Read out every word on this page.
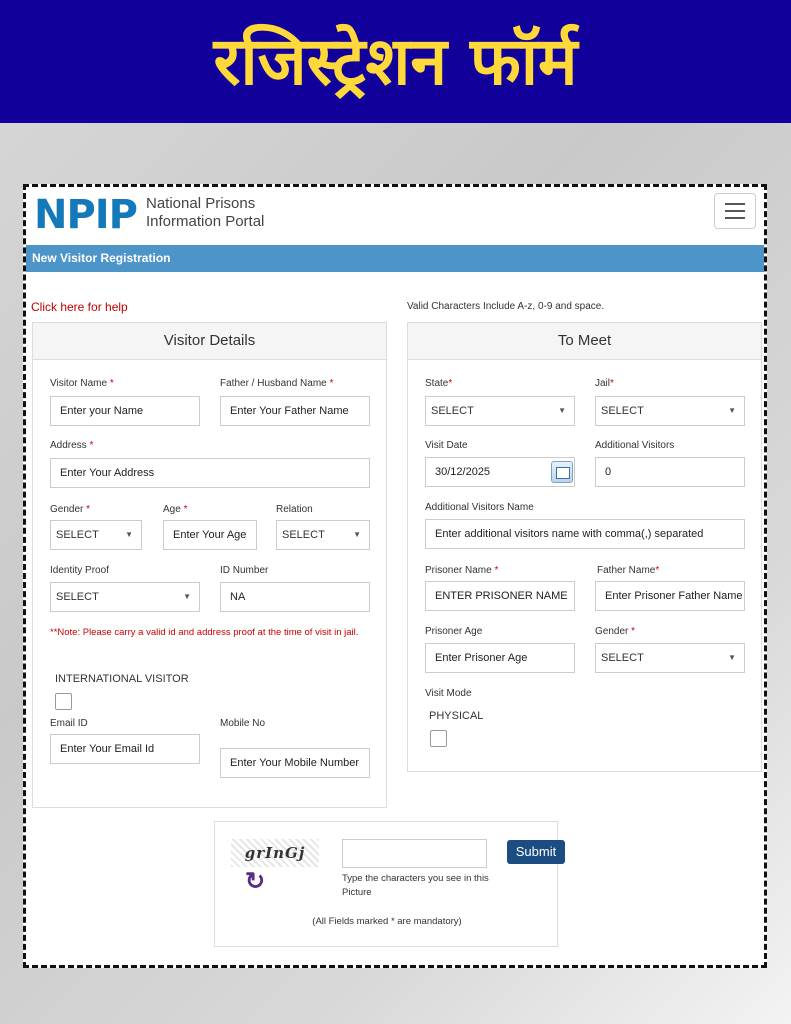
रजिस्ट्रेशन फॉर्म
NPIP National Prisons
Information Portal
New Visitor Registration
Click here for help	Valid Characters Include A-z, 0-9 and space.
Visitor Details
Visitor Name *
Enter your Name
Father / Husband Name *
Enter Your Father Name
Address *
Enter Your Address
Gender *
SELECT	▼
Age *
Enter Your Age
Relation
SELECT	▼
Identity Proof
SELECT	▼
ID Number
NA
**Note: Please carry a valid id and address proof at the time of visit in jail.
INTERNATIONAL VISITOR
Email ID
Enter Your Email Id
Mobile No
Enter Your Mobile Number
To Meet
State*
SELECT	▼
Jail*
SELECT	▼
Visit Date
30/12/2025
Additional Visitors
0
Additional Visitors Name
Enter additional visitors name with comma(,) separated
Prisoner Name *
ENTER PRISONER NAME
Father Name*
Enter Prisoner Father Name
Prisoner Age
Enter Prisoner Age
Gender *
SELECT	▼
Visit Mode
PHYSICAL
grInGj
↻	Type the characters you see in this Picture
Submit
(All Fields marked * are mandatory)
